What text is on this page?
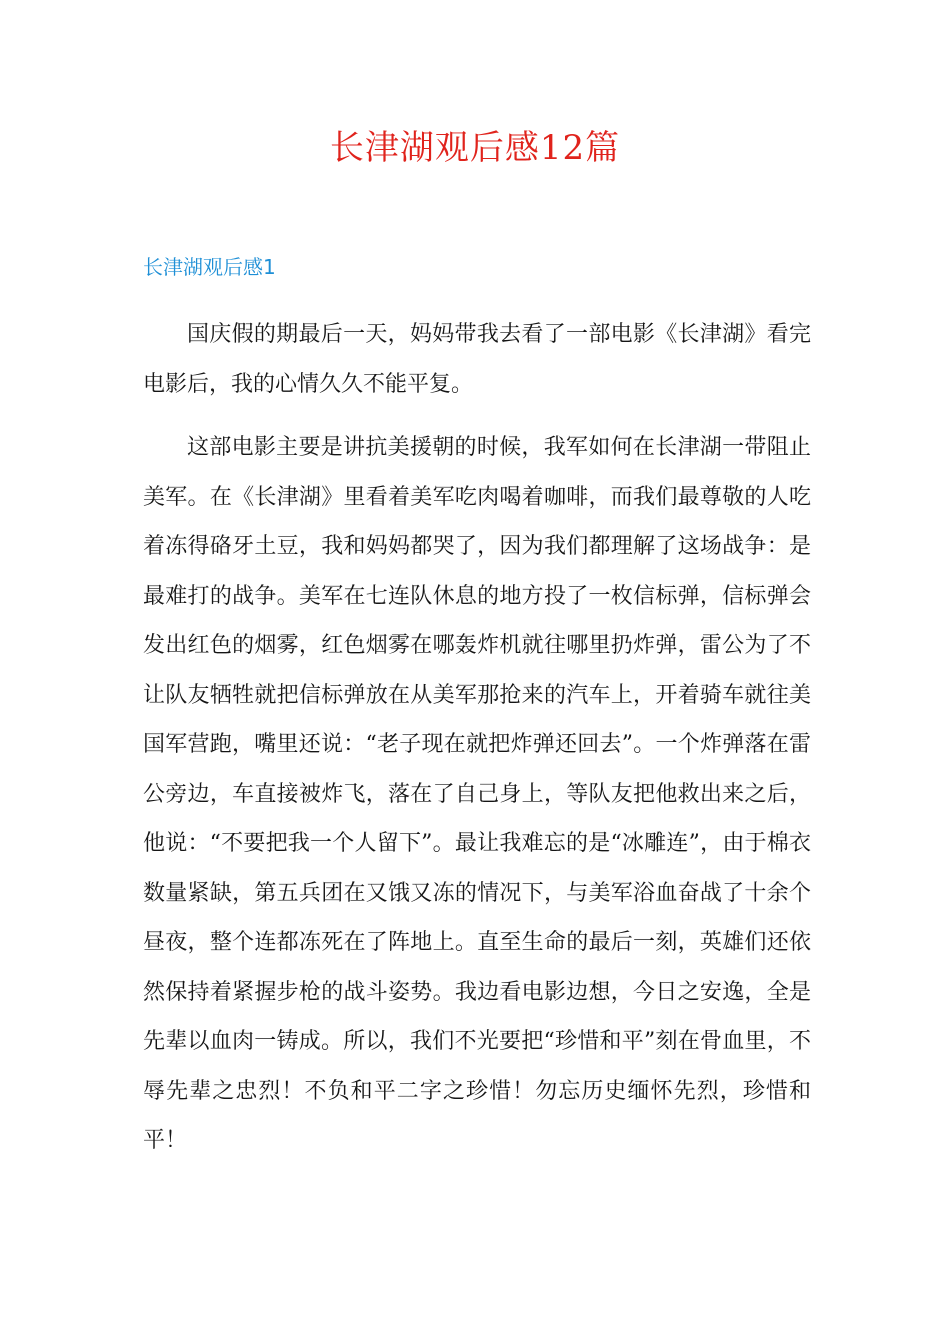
长津湖观后感12篇
长津湖观后感1

国庆假的期最后一天，妈妈带我去看了一部电影《长津湖》看完电影后，我的心情久久不能平复。

这部电影主要是讲抗美援朝的时候，我军如何在长津湖一带阻止美军。在《长津湖》里看着美军吃肉喝着咖啡，而我们最尊敬的人吃着冻得硌牙土豆，我和妈妈都哭了，因为我们都理解了这场战争：是最难打的战争。美军在七连队休息的地方投了一枚信标弹，信标弹会发出红色的烟雾，红色烟雾在哪轰炸机就往哪里扔炸弹，雷公为了不让队友牺牲就把信标弹放在从美军那抢来的汽车上，开着骑车就往美国军营跑，嘴里还说：“老子现在就把炸弹还回去”。一个炸弹落在雷公旁边，车直接被炸飞，落在了自己身上，等队友把他救出来之后，他说：“不要把我一个人留下”。最让我难忘的是“冰雕连”，由于棉衣数量紧缺，第五兵团在又饿又冻的情况下，与美军浴血奋战了十余个昼夜，整个连都冻死在了阵地上。直至生命的最后一刻，英雄们还依然保持着紧握步枪的战斗姿势。我边看电影边想，今日之安逸，全是先辈以血肉一铸成。所以，我们不光要把“珍惜和平”刻在骨血里，不辱先辈之忠烈！不负和平二字之珍惜！勿忘历史缅怀先烈，珍惜和平！
